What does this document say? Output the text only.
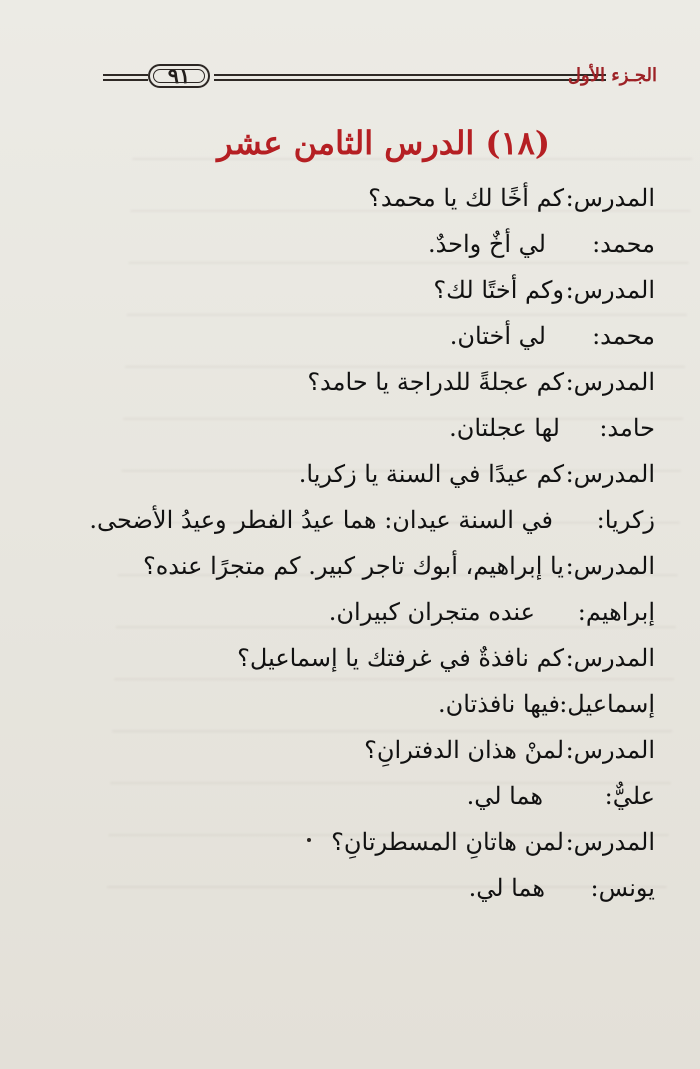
٩١	الجـزء الأول
(١٨) الدرس الثامن عشر
المدرس:
كم أخًا لك يا محمد؟
محمد:
لي أخٌ واحدٌ.
المدرس:
وكم أختًا لك؟
محمد:
لي أختان.
المدرس:
كم عجلةً للدراجة يا حامد؟
حامد:
لها عجلتان.
المدرس:
كم عيدًا في السنة يا زكريا.
زكريا:
في السنة عيدان: هما عيدُ الفطر وعيدُ الأضحى.
المدرس:
يا إبراهيم، أبوك تاجر كبير. كم متجرًا عنده؟
إبراهيم:
عنده متجران كبيران.
المدرس:
كم نافذةٌ في غرفتك يا إسماعيل؟
إسماعيل:
فيها نافذتان.
المدرس:
لمنْ هذان الدفترانِ؟
عليٌّ:
هما لي.
المدرس:
لمن هاتانِ المسطرتانِ؟
يونس:
هما لي.
